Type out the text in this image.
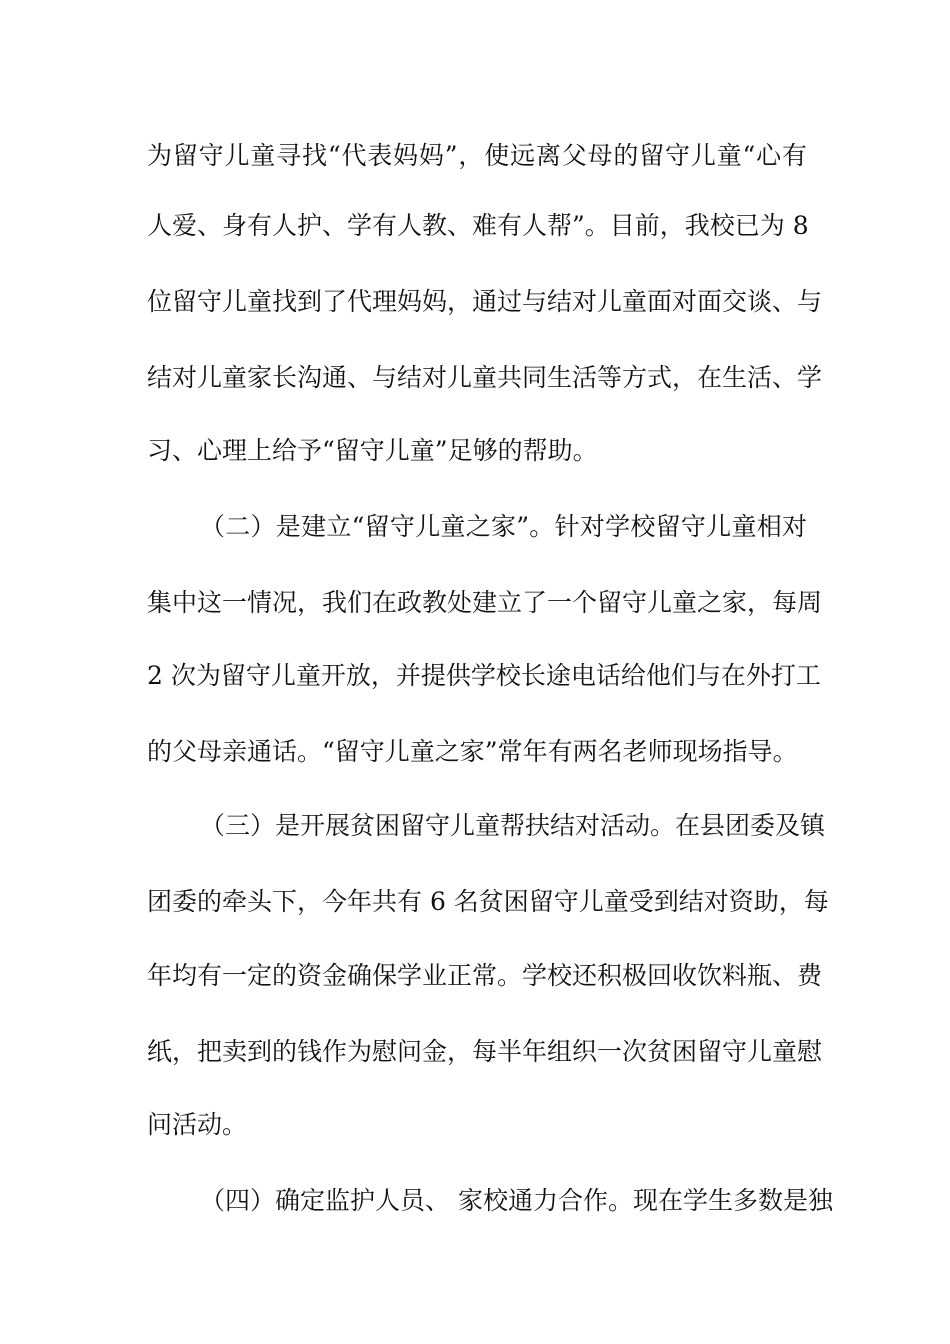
为留守儿童寻找“代表妈妈”，使远离父母的留守儿童“心有
人爱、身有人护、学有人教、难有人帮”。目前，我校已为 8
位留守儿童找到了代理妈妈，通过与结对儿童面对面交谈、与
结对儿童家长沟通、与结对儿童共同生活等方式，在生活、学
习、心理上给予“留守儿童”足够的帮助。
（二）是建立“留守儿童之家”。针对学校留守儿童相对
集中这一情况，我们在政教处建立了一个留守儿童之家，每周
2 次为留守儿童开放，并提供学校长途电话给他们与在外打工
的父母亲通话。“留守儿童之家”常年有两名老师现场指导。
（三）是开展贫困留守儿童帮扶结对活动。在县团委及镇
团委的牵头下，今年共有 6 名贫困留守儿童受到结对资助，每
年均有一定的资金确保学业正常。学校还积极回收饮料瓶、费
纸，把卖到的钱作为慰问金，每半年组织一次贫困留守儿童慰
问活动。
（四）确定监护人员、 家校通力合作。现在学生多数是独
